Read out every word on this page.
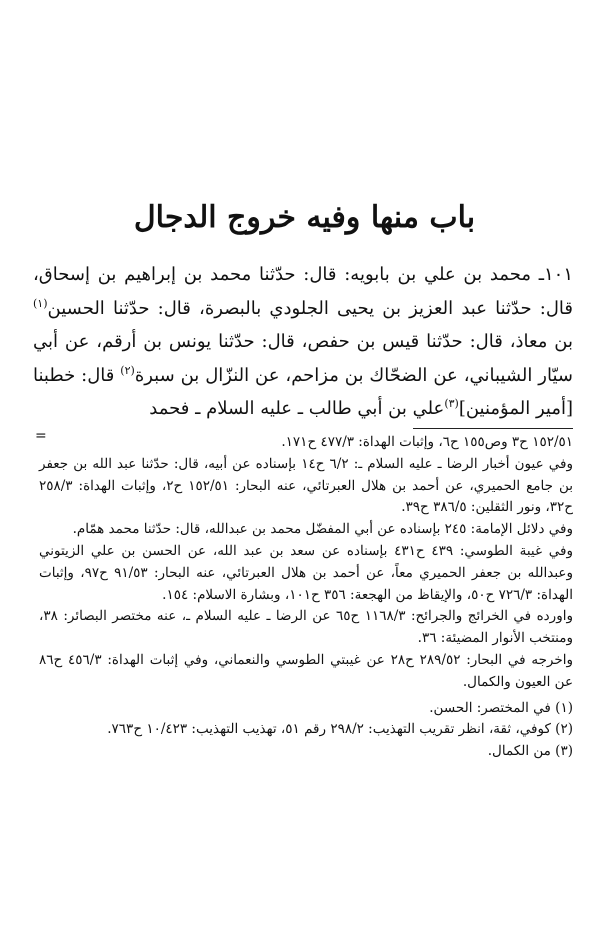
باب منها وفيه خروج الدجال

١٠١ـ محمد بن علي بن بابويه: قال: حدّثنا محمد بن إبراهيم بن إسحاق، قال: حدّثنا عبد العزيز بن يحيى الجلودي بالبصرة، قال: حدّثنا الحسين$^{(١)}$ بن معاذ، قال: حدّثنا قيس بن حفص، قال: حدّثنا يونس بن أرقم، عن أبي سيّار الشيباني، عن الضحّاك بن مزاحم، عن النزّال بن سبرة$^{(٢)}$ قال: خطبنا [أمير المؤمنين]$^{(٣)}$علي بن أبي طالب ـ عليه السلام ـ فحمد

=	١٥٢/٥١ ح٣ وص١٥٥ ح٦، وإثبات الهداة: ٤٧٧/٣ ح١٧١.

وفي عيون أخبار الرضا ـ عليه السلام ـ: ٦/٢ ح١٤ بإسناده عن أبيه، قال: حدّثنا عبد الله بن جعفر بن جامع الحميري، عن أحمد بن هلال العبرتائي، عنه البحار: ١٥٢/٥١ ح٢، وإثبات الهداة: ٢٥٨/٣ ح٣٢، ونور الثقلين: ٣٨٦/٥ ح٣٩.

وفي دلائل الإمامة: ٢٤٥ بإسناده عن أبي المفضّل محمد بن عبدالله، قال: حدّثنا محمد همّام.

وفي غيبة الطوسي: ٤٣٩ ح٤٣١ بإسناده عن سعد بن عبد الله، عن الحسن بن علي الزيتوني وعبدالله بن جعفر الحميري معاً، عن أحمد بن هلال العبرتائي، عنه البحار: ٩١/٥٣ ح٩٧، وإثبات الهداة: ٧٢٦/٣ ح٥٠، والإيقاظ من الهجعة: ٣٥٦ ح١٠١، وبشارة الاسلام: ١٥٤.

واورده في الخرائج والجرائح: ١١٦٨/٣ ح٦٥ عن الرضا ـ عليه السلام ـ، عنه مختصر البصائر: ٣٨، ومنتخب الأنوار المضيئة: ٣٦.

واخرجه في البحار: ٢٨٩/٥٢ ح٢٨ عن غيبتي الطوسي والنعماني، وفي إثبات الهداة: ٤٥٦/٣ ح٨٦ عن العيون والكمال.

(١) في المختصر: الحسن.

(٢) كوفي، ثقة، انظر تقريب التهذيب: ٢٩٨/٢ رقم ٥١، تهذيب التهذيب: ١٠/٤٢٣ ح٧٦٣.

(٣) من الكمال.
